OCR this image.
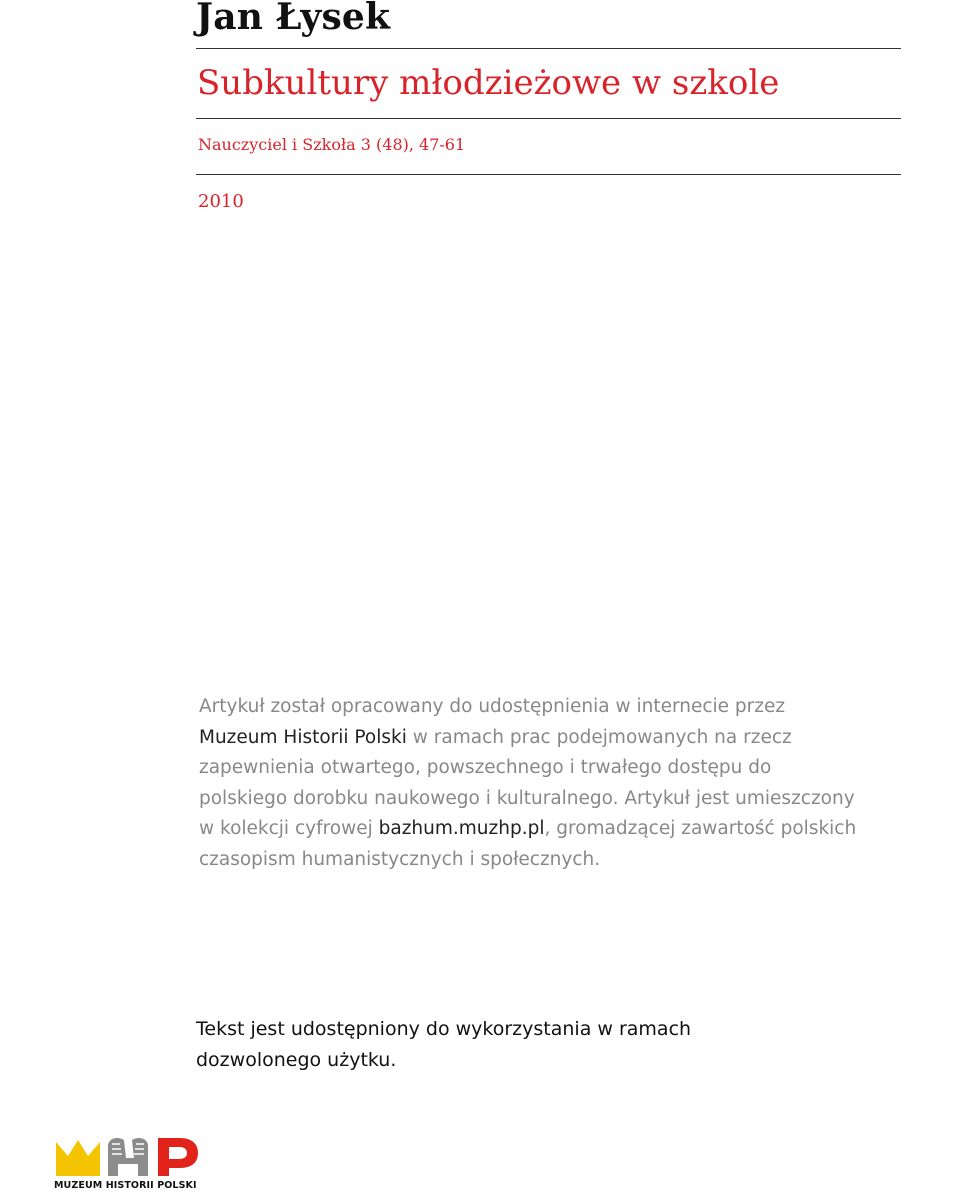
Jan Łysek
Subkultury młodzieżowe w szkole
Nauczyciel i Szkoła 3 (48), 47-61
2010

Artykuł został opracowany do udostępnienia w internecie przez
Muzeum Historii Polski w ramach prac podejmowanych na rzecz
zapewnienia otwartego, powszechnego i trwałego dostępu do
polskiego dorobku naukowego i kulturalnego. Artykuł jest umieszczony
w kolekcji cyfrowej bazhum.muzhp.pl, gromadzącej zawartość polskich
czasopism humanistycznych i społecznych.

Tekst jest udostępniony do wykorzystania w ramach
dozwolonego użytku.

MUZEUM HISTORII POLSKI
